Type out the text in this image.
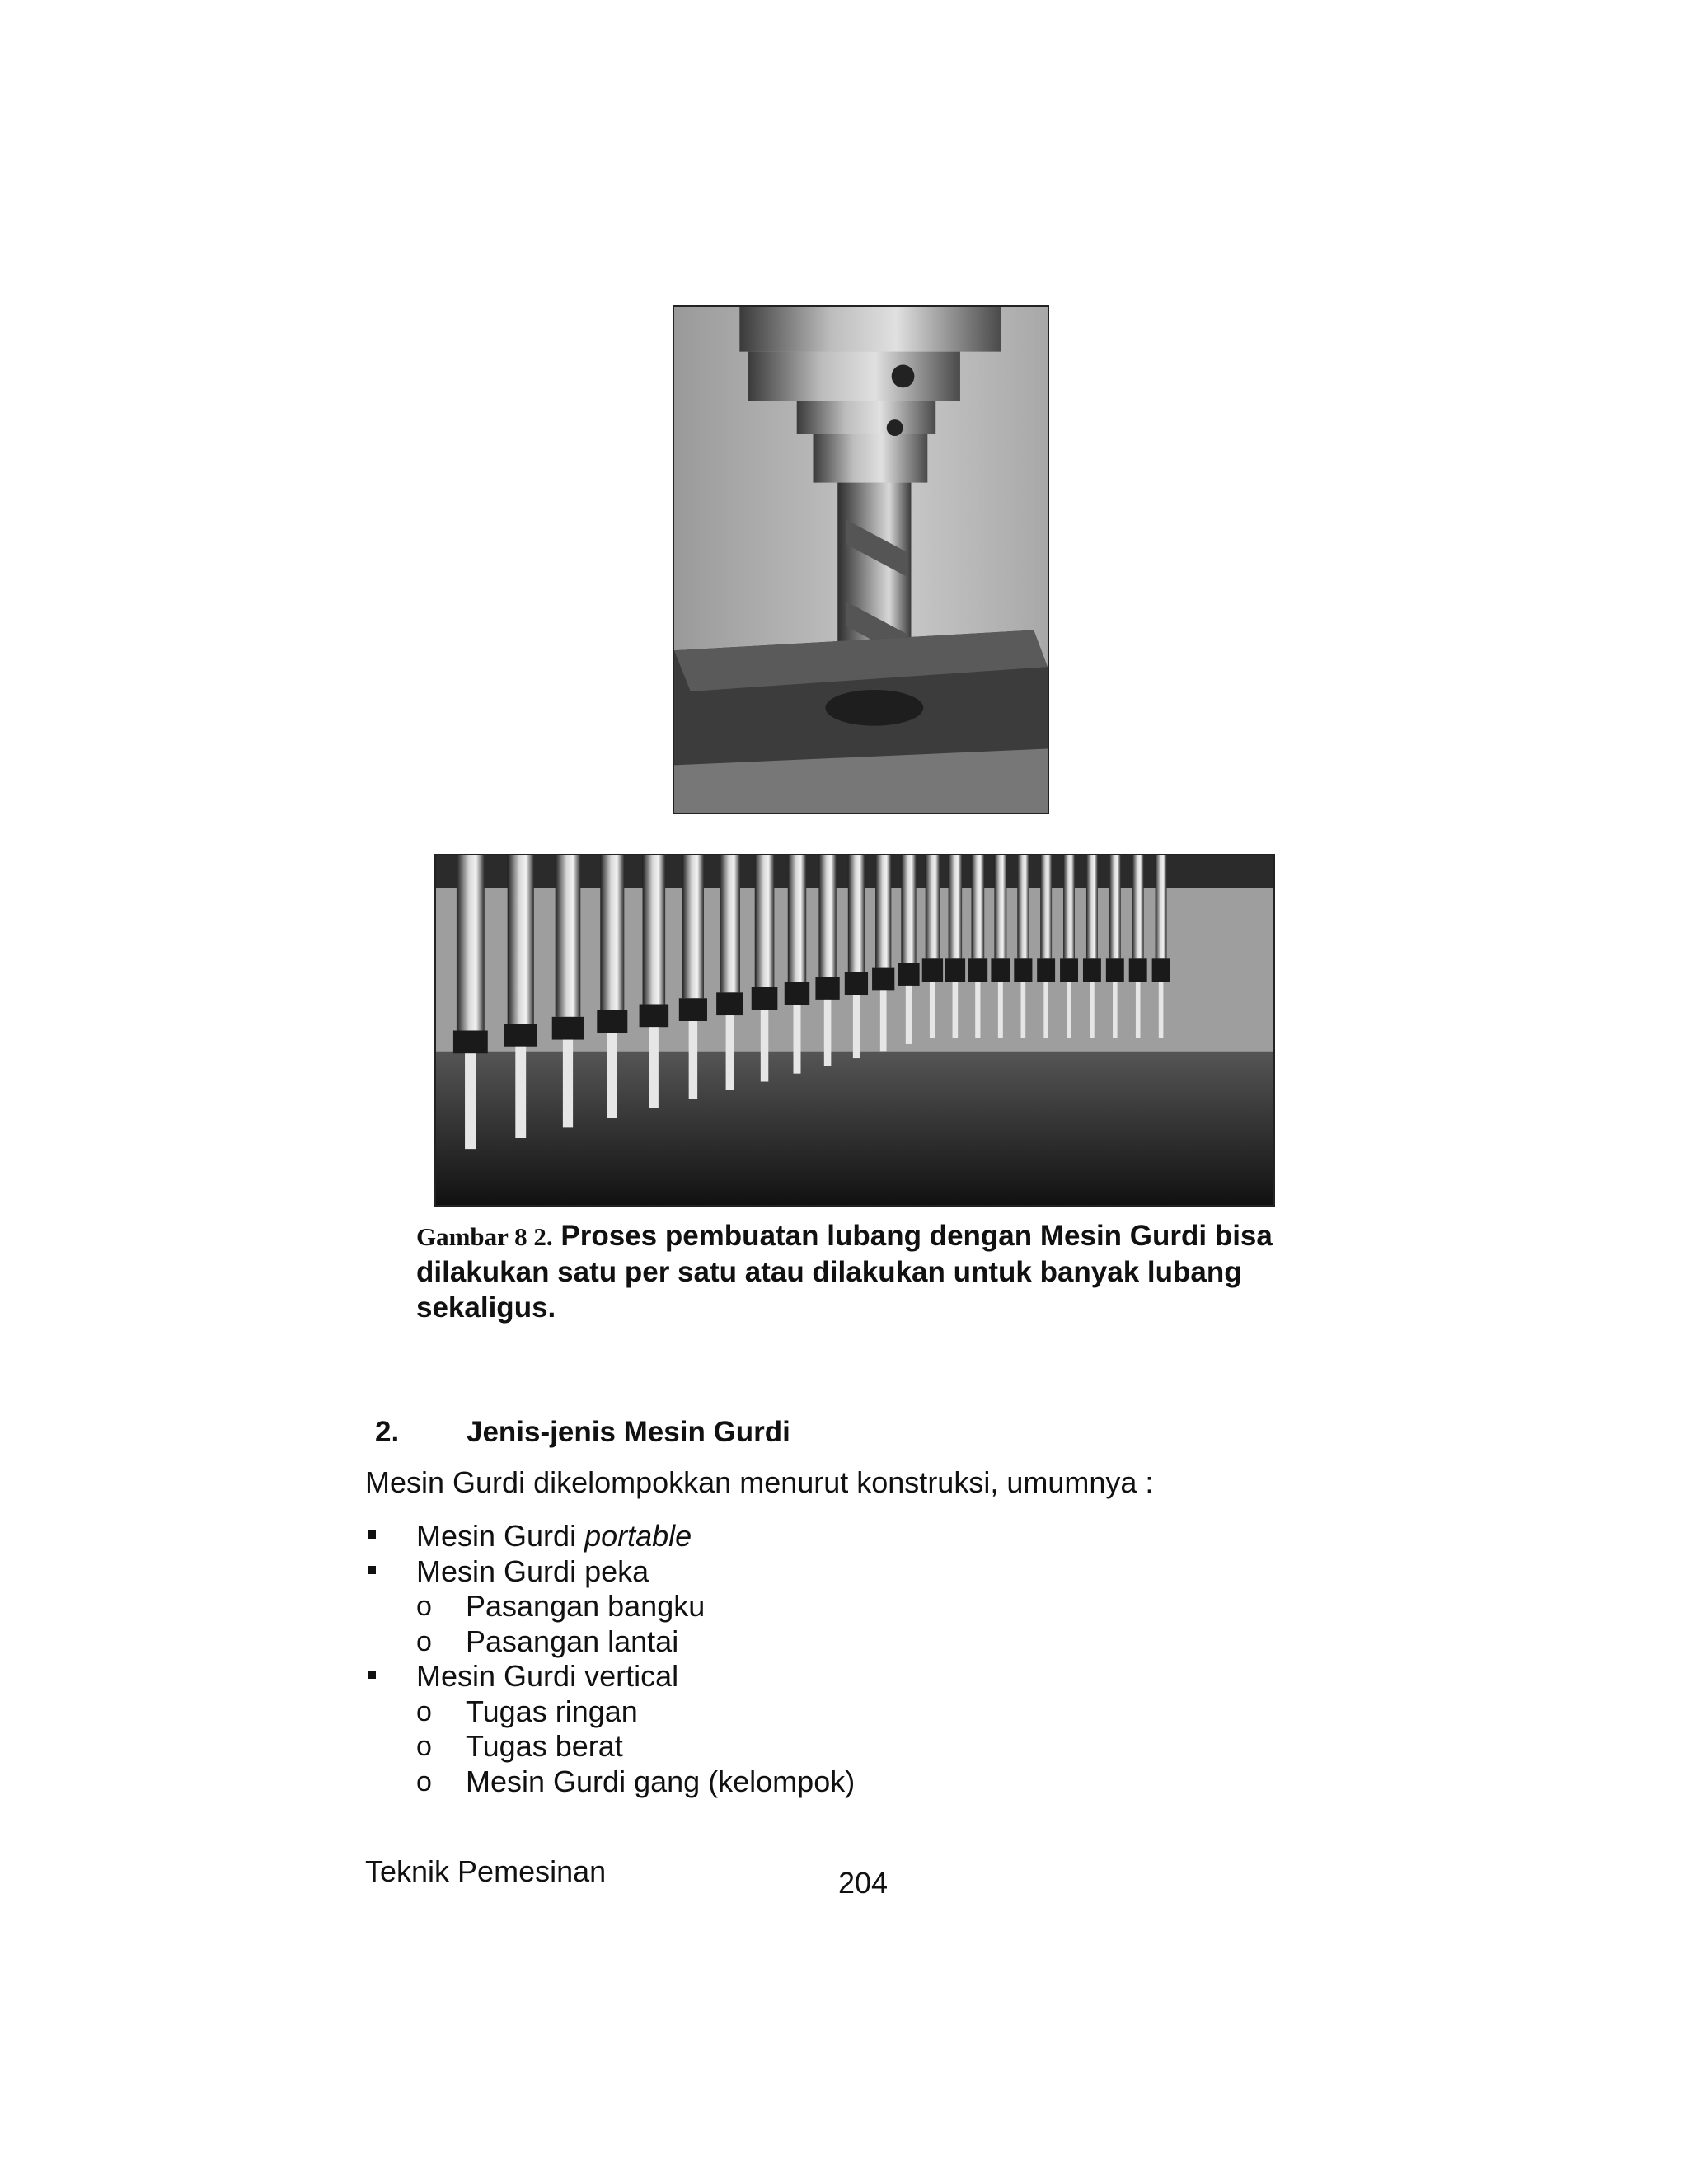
Gambar 8 2. Proses pembuatan lubang dengan Mesin Gurdi bisa dilakukan satu per satu atau dilakukan untuk banyak lubang sekaligus.
2. Jenis-jenis Mesin Gurdi
Mesin Gurdi dikelompokkan menurut konstruksi, umumnya :
Mesin Gurdi portable
Mesin Gurdi peka
o Pasangan bangku
o Pasangan lantai
Mesin Gurdi vertical
o Tugas ringan
o Tugas berat
o Mesin Gurdi gang (kelompok)
Teknik Pemesinan	204
